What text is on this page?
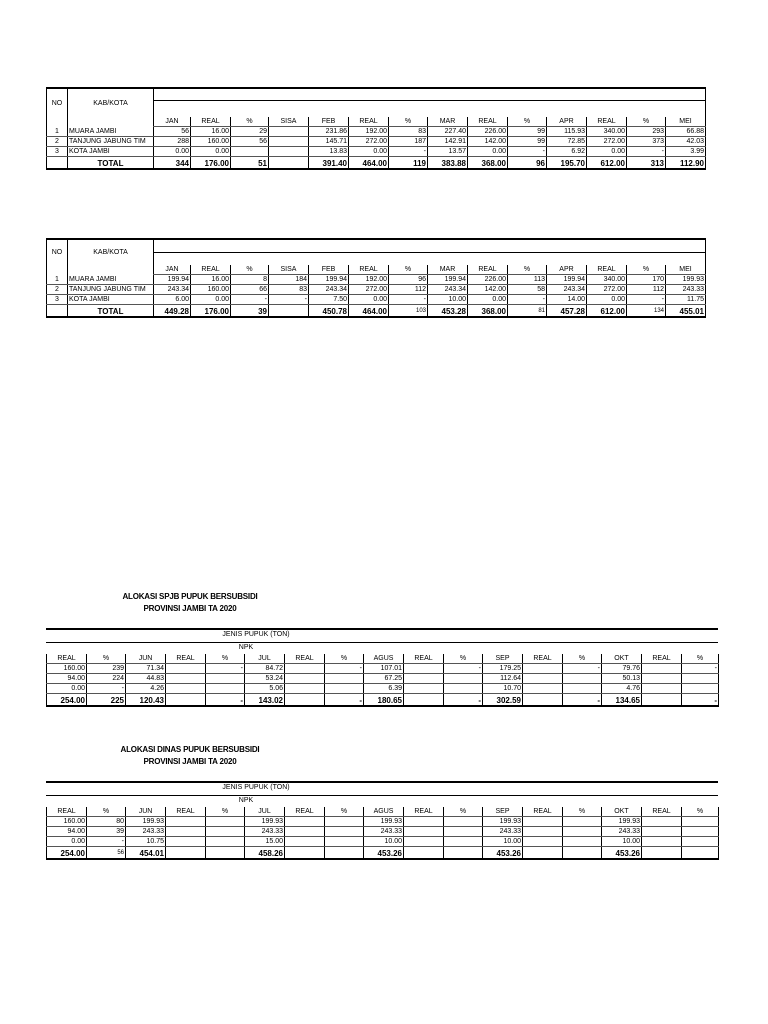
NO	KAB/KOTA														
		JAN	REAL	%	SISA	FEB	REAL	%	MAR	REAL	%	APR	REAL	%	MEI
1	MUARA JAMBI	56	16.00	29		231.86	192.00	83	227.40	226.00	99	115.93	340.00	293	66.88
2	TANJUNG JABUNG TIM	288	160.00	56		145.71	272.00	187	142.91	142.00	99	72.85	272.00	373	42.03
3	KOTA JAMBI	0.00	0.00			13.83	0.00	-	13.57	0.00	-	6.92	0.00	-	3.99
	TOTAL	344	176.00	51		391.40	464.00	119	383.88	368.00	96	195.70	612.00	313	112.90
NO	KAB/KOTA														
		JAN	REAL	%	SISA	FEB	REAL	%	MAR	REAL	%	APR	REAL	%	MEI
1	MUARA JAMBI	199.94	16.00	8	184	199.94	192.00	96	199.94	226.00	113	199.94	340.00	170	199.93
2	TANJUNG JABUNG TIM	243.34	160.00	66	83	243.34	272.00	112	243.34	142.00	58	243.34	272.00	112	243.33
3	KOTA JAMBI	6.00	0.00	-	-	7.50	0.00	-	10.00	0.00	-	14.00	0.00	-	11.75
	TOTAL	449.28	176.00	39		450.78	464.00	103	453.28	368.00	81	457.28	612.00	134	455.01
ALOKASI SPJB PUPUK BERSUBSIDI
PROVINSI JAMBI TA 2020
JENIS PUPUK (TON)
NPK
REAL	%	JUN	REAL	%	JUL	REAL	%	AGUS	REAL	%	SEP	REAL	%	OKT	REAL	%
160.00	239	71.34		-	84.72		-	107.01		-	179.25		-	79.76		-
94.00	224	44.83			53.24			67.25			112.64			50.13		
0.00	-	4.26			5.06			6.39			10.70			4.76		
254.00	225	120.43		-	143.02		-	180.65		-	302.59		-	134.65		-
ALOKASI DINAS PUPUK BERSUBSIDI
PROVINSI JAMBI TA 2020
JENIS PUPUK (TON)
NPK
REAL	%	JUN	REAL	%	JUL	REAL	%	AGUS	REAL	%	SEP	REAL	%	OKT	REAL	%
160.00	80	199.93			199.93			199.93			199.93			199.93		
94.00	39	243.33			243.33			243.33			243.33			243.33		
0.00	-	10.75			15.00			10.00			10.00			10.00		
254.00	56	454.01			458.26			453.26			453.26			453.26		
